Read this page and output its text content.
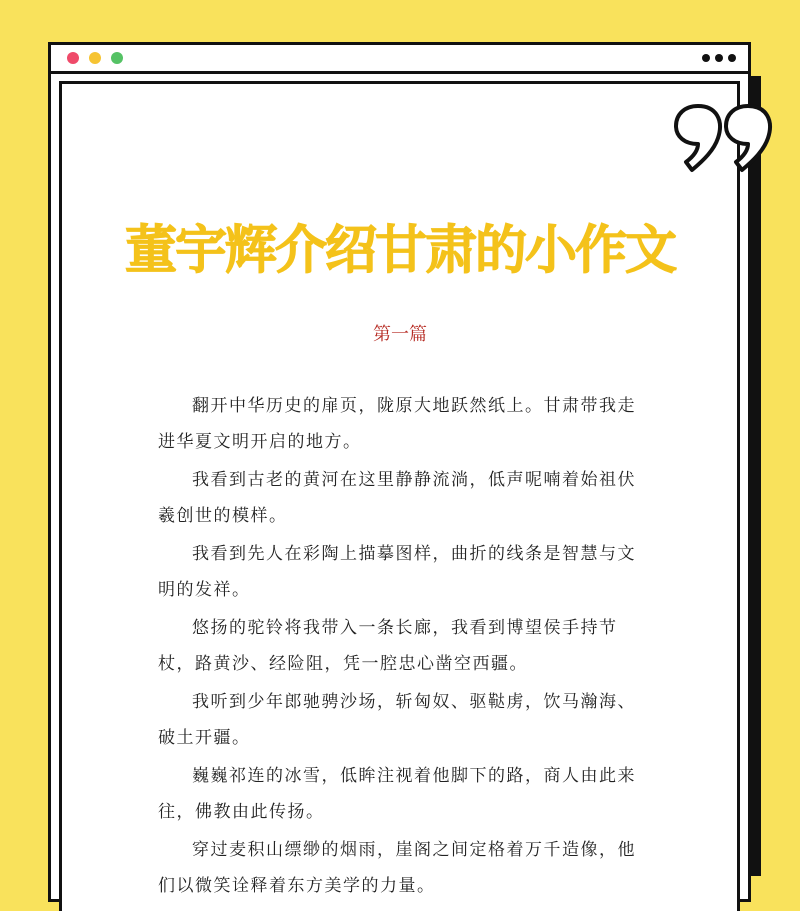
董宇辉介绍甘肃的小作文
第一篇

翻开中华历史的扉页，陇原大地跃然纸上。甘肃带我走进华夏文明开启的地方。

我看到古老的黄河在这里静静流淌，低声呢喃着始祖伏羲创世的模样。

我看到先人在彩陶上描摹图样，曲折的线条是智慧与文明的发祥。

悠扬的驼铃将我带入一条长廊，我看到博望侯手持节杖，路黄沙、经险阻，凭一腔忠心凿空西疆。

我听到少年郎驰骋沙场，斩匈奴、驱鞑虏，饮马瀚海、破土开疆。

巍巍祁连的冰雪，低眸注视着他脚下的路，商人由此来往，佛教由此传扬。

穿过麦积山缥缈的烟雨，崖阁之间定格着万千造像，他们以微笑诠释着东方美学的力量。
